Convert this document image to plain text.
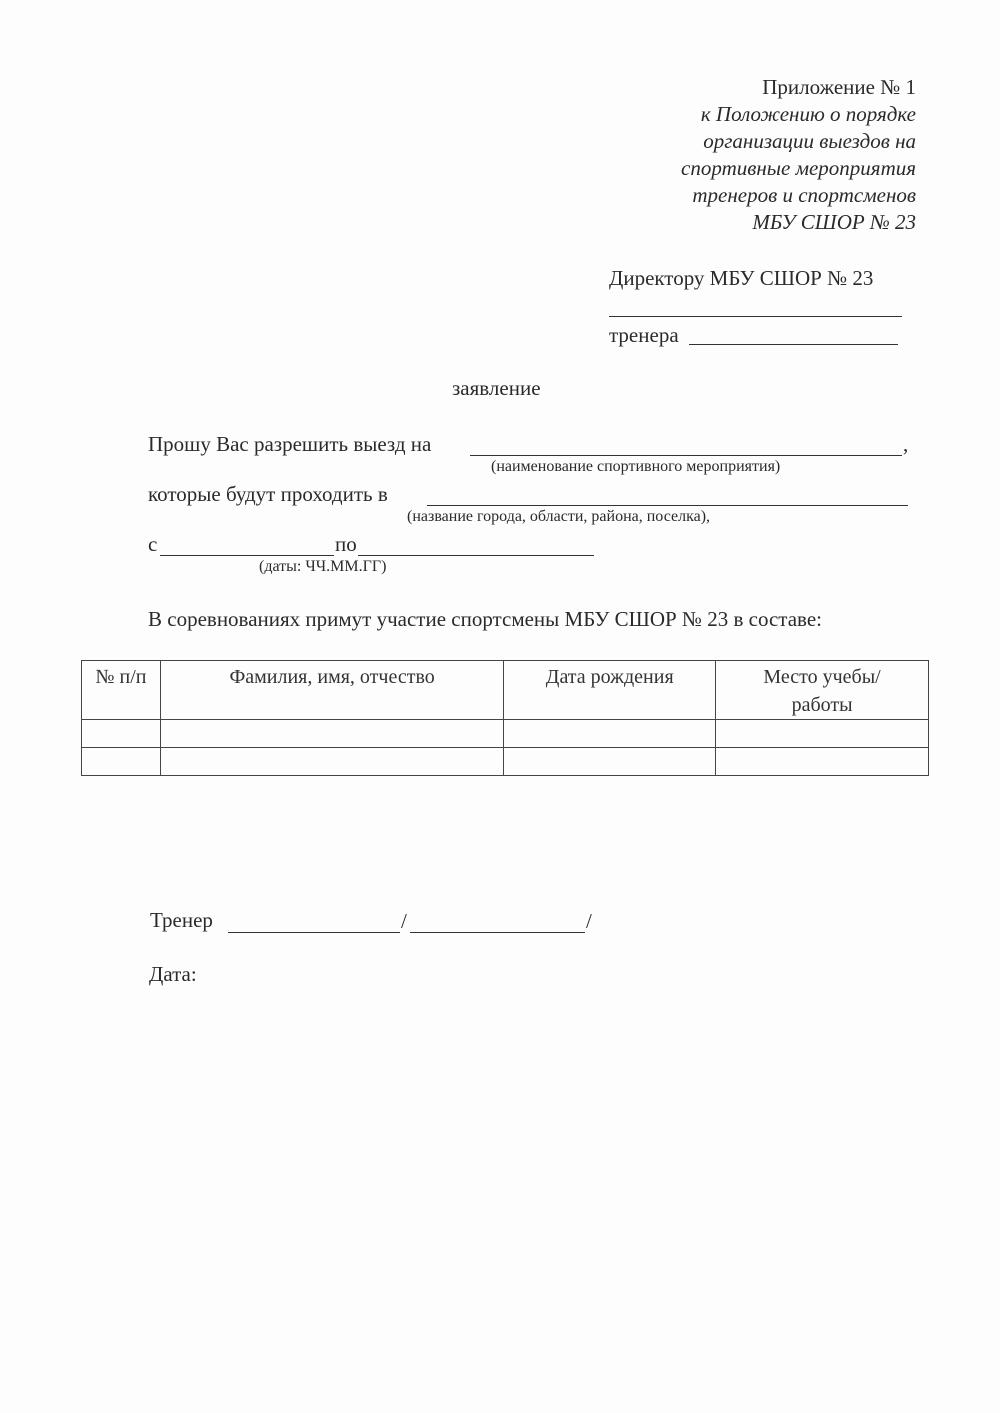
Приложение № 1
к Положению о порядке
организации выездов на
спортивные мероприятия
тренеров и спортсменов
МБУ СШОР № 23
Директору МБУ СШОР № 23
тренера
заявление
Прошу Вас разрешить выезд на	,
(наименование спортивного мероприятия)
которые будут проходить в
(название города, области, района, поселка),
с	по
(даты: ЧЧ.ММ.ГГ)
В соревнованиях примут участие спортсмены МБУ СШОР № 23 в составе:
№ п/п	Фамилия, имя, отчество	Дата рождения	Место учебы/работы

Тренер	/	/
Дата:
